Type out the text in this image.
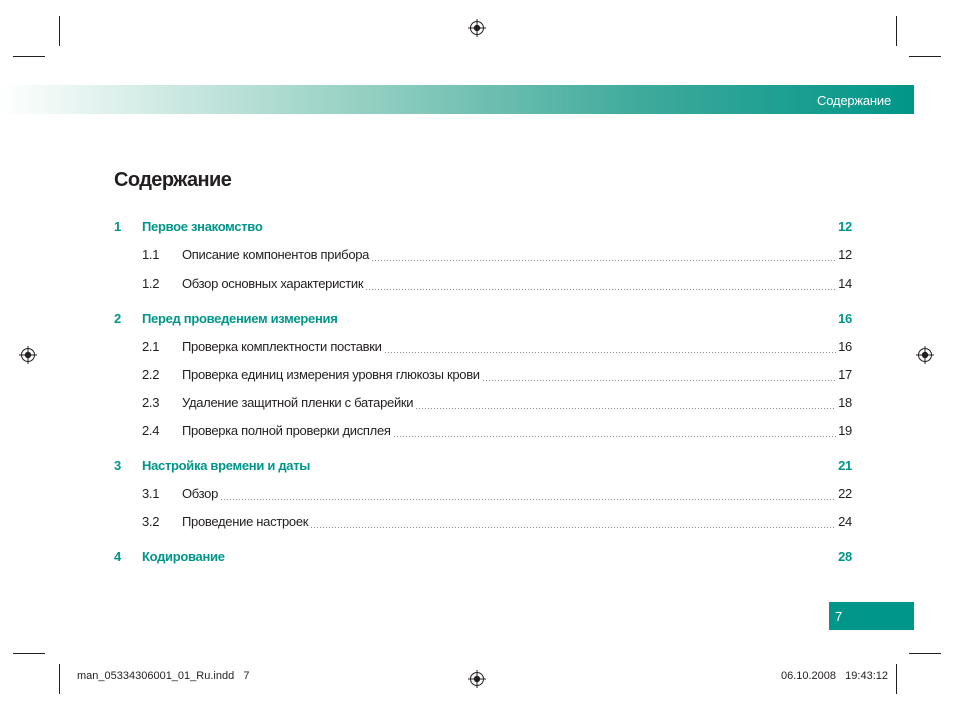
Содержание
Содержание
1	Первое знакомство	12
1.1	Описание компонентов прибора	12
1.2	Обзор основных характеристик	14
2	Перед проведением измерения	16
2.1	Проверка комплектности поставки	16
2.2	Проверка единиц измерения уровня глюкозы крови	17
2.3	Удаление защитной пленки с батарейки	18
2.4	Проверка полной проверки дисплея	19
3	Настройка времени и даты	21
3.1	Обзор	22
3.2	Проведение настроек	24
4	Кодирование	28
7
man_05334306001_01_Ru.indd   7	06.10.2008   19:43:12
